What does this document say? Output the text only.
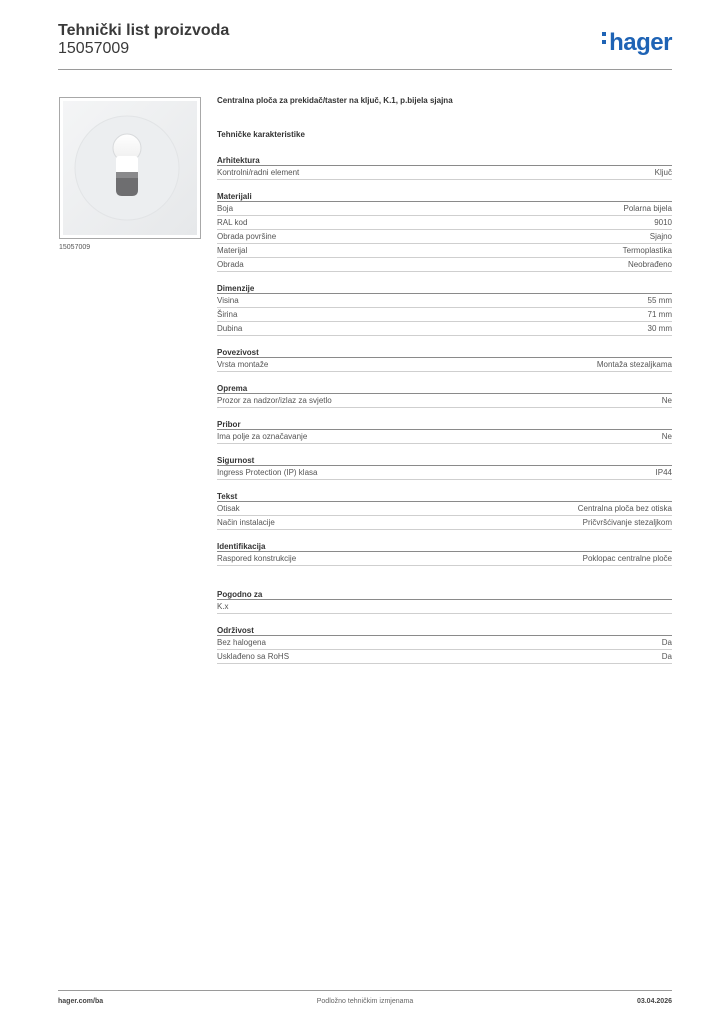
Tehnički list proizvoda
15057009	hager
15057009
Centralna ploča za prekidač/taster na ključ, K.1, p.bijela sjajna
Tehničke karakteristike
Arhitektura
Kontrolni/radni element	Ključ
Materijali
Boja	Polarna bijela
RAL kod	9010
Obrada površine	Sjajno
Materijal	Termoplastika
Obrada	Neobrađeno
Dimenzije
Visina	55 mm
Širina	71 mm
Dubina	30 mm
Povezivost
Vrsta montaže	Montaža stezaljkama
Oprema
Prozor za nadzor/izlaz za svjetlo	Ne
Pribor
Ima polje za označavanje	Ne
Sigurnost
Ingress Protection (IP) klasa	IP44
Tekst
Otisak	Centralna ploča bez otiska
Način instalacije	Pričvršćivanje stezaljkom
Identifikacija
Raspored konstrukcije	Poklopac centralne ploče
Pogodno za
K.x
Održivost
Bez halogena	Da
Usklađeno sa RoHS	Da
hager.com/ba	Podložno tehničkim izmjenama	03.04.2026
